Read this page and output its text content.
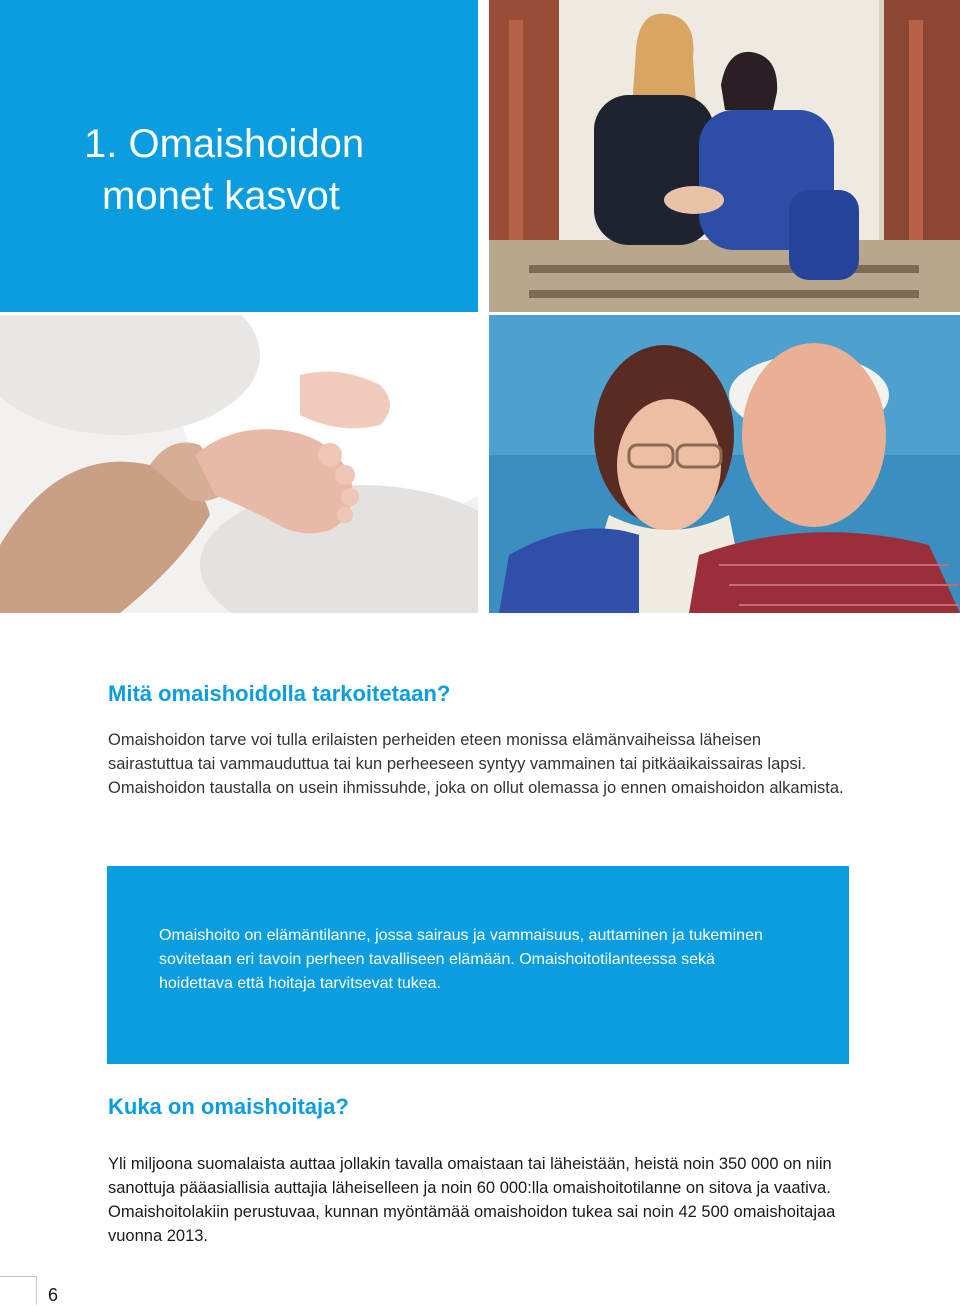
1. Omaishoidon
monet kasvot
Mitä omaishoidolla tarkoitetaan?

Omaishoidon tarve voi tulla erilaisten perheiden eteen monissa elämänvaiheissa läheisen sairastuttua tai vammauduttua tai kun perheeseen syntyy vammainen tai pitkäaikaissairas lapsi. Omaishoidon taustalla on usein ihmissuhde, joka on ollut olemassa jo ennen omaishoidon alkamista.

Omaishoito on elämäntilanne, jossa sairaus ja vammaisuus, auttaminen ja tukeminen sovitetaan eri tavoin perheen tavalliseen elämään. Omaishoitotilanteessa sekä hoidettava että hoitaja tarvitsevat tukea.

Kuka on omaishoitaja?

Yli miljoona suomalaista auttaa jollakin tavalla omaistaan tai läheistään, heistä noin 350 000 on niin sanottuja pääasiallisia auttajia läheiselleen ja noin 60 000:lla omaishoitotilanne on sitova ja vaativa. Omaishoitolakiin perustuvaa, kunnan myöntämää omaishoidon tukea sai noin 42 500 omaishoitajaa vuonna 2013.

6
